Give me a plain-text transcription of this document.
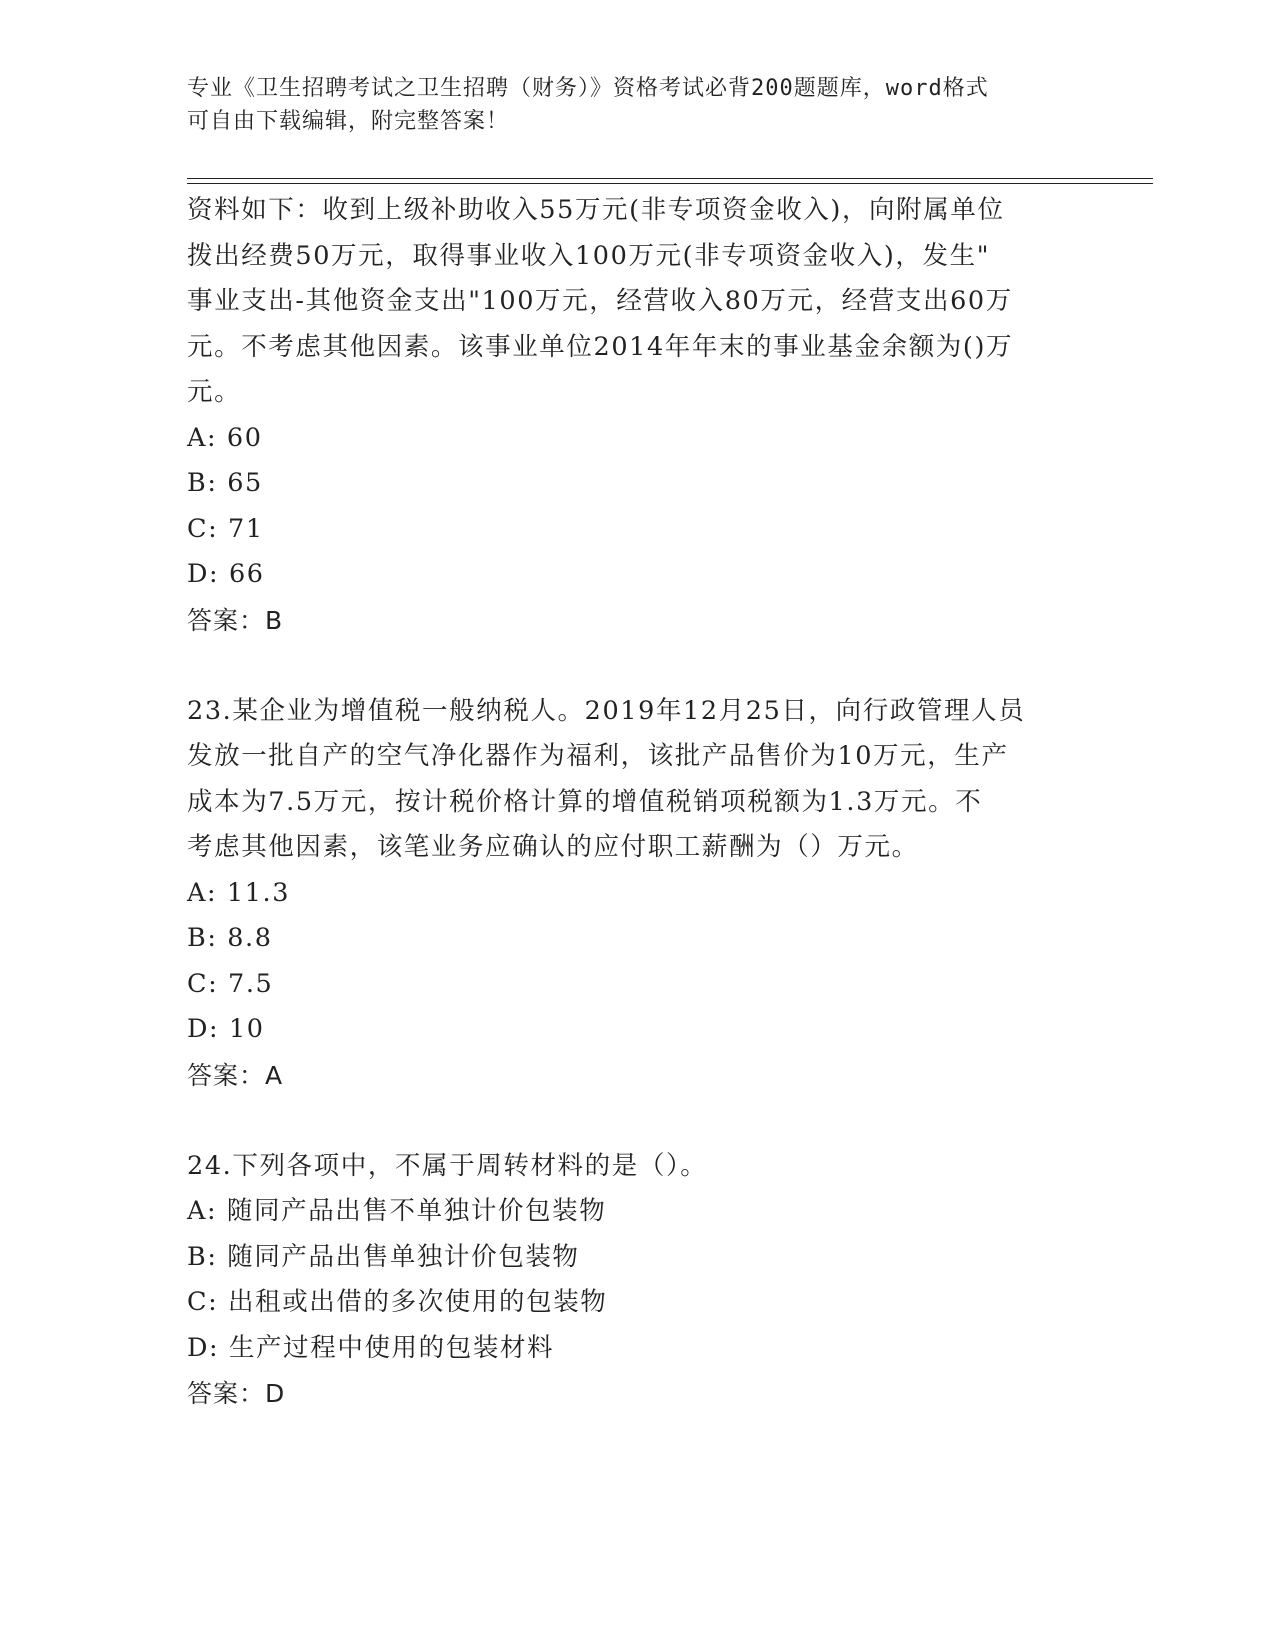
专业《卫生招聘考试之卫生招聘（财务）》资格考试必背200题题库，word格式
可自由下载编辑，附完整答案！

资料如下：收到上级补助收入55万元(非专项资金收入)，向附属单位

拨出经费50万元，取得事业收入100万元(非专项资金收入)，发生"

事业支出-其他资金支出"100万元，经营收入80万元，经营支出60万

元。不考虑其他因素。该事业单位2014年年末的事业基金余额为()万

元。

A: 60

B: 65

C: 71

D: 66

答案：B

23.某企业为增值税一般纳税人。2019年12月25日，向行政管理人员

发放一批自产的空气净化器作为福利，该批产品售价为10万元，生产

成本为7.5万元，按计税价格计算的增值税销项税额为1.3万元。不

考虑其他因素，该笔业务应确认的应付职工薪酬为（）万元。

A: 11.3

B: 8.8

C: 7.5

D: 10

答案：A

24.下列各项中，不属于周转材料的是（）。

A: 随同产品出售不单独计价包装物

B: 随同产品出售单独计价包装物

C: 出租或出借的多次使用的包装物

D: 生产过程中使用的包装材料

答案：D
